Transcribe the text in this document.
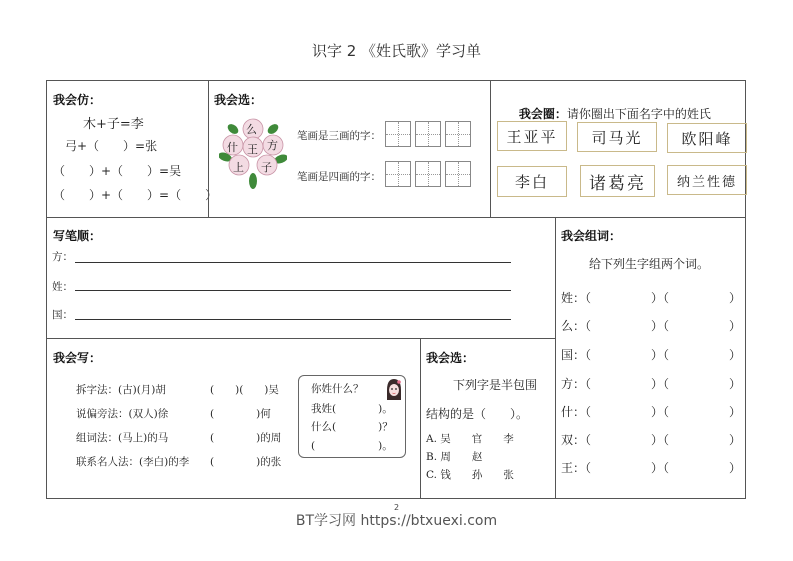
识字 2 《姓氏歌》学习单
我会仿：
木+子=李
弓+（　　）=张
（　　）+（　　）=吴
（　　）+（　　）=（　　）
我会选：
么
什 王 方
上 子
笔画是三画的字：
笔画是四画的字：

我会圈：请你圈出下面名字中的姓氏

王亚平	司马光	欧阳峰
李白	诸葛亮	纳兰性德
写笔顺：
方：
姓：
国：
我会组词：
给下列生字组两个词。
姓：（　　　　　）（　　　　　）
么：（　　　　　）（　　　　　）
国：（　　　　　）（　　　　　）
方：（　　　　　）（　　　　　）
什：（　　　　　）（　　　　　）
双：（　　　　　）（　　　　　）
王：（　　　　　）（　　　　　）
我会写：
拆字法：(古)(月)胡	(　　)(　　)吴
说偏旁法：(双人)徐	(　　　　)何
组词法：(马上)的马	(　　　　)的周
联系名人法：(李白)的李 (　　　　)的张
我会选：
下列字是半包围
结构的是（　　）。
A. 吴　　官　　李
B. 周　　赵
C. 钱　　孙　　张
你姓什么？
我姓(　　　　)。
什么(　　　　)？
(　　　　　　)。
2
BT学习网 https://btxuexi.com
